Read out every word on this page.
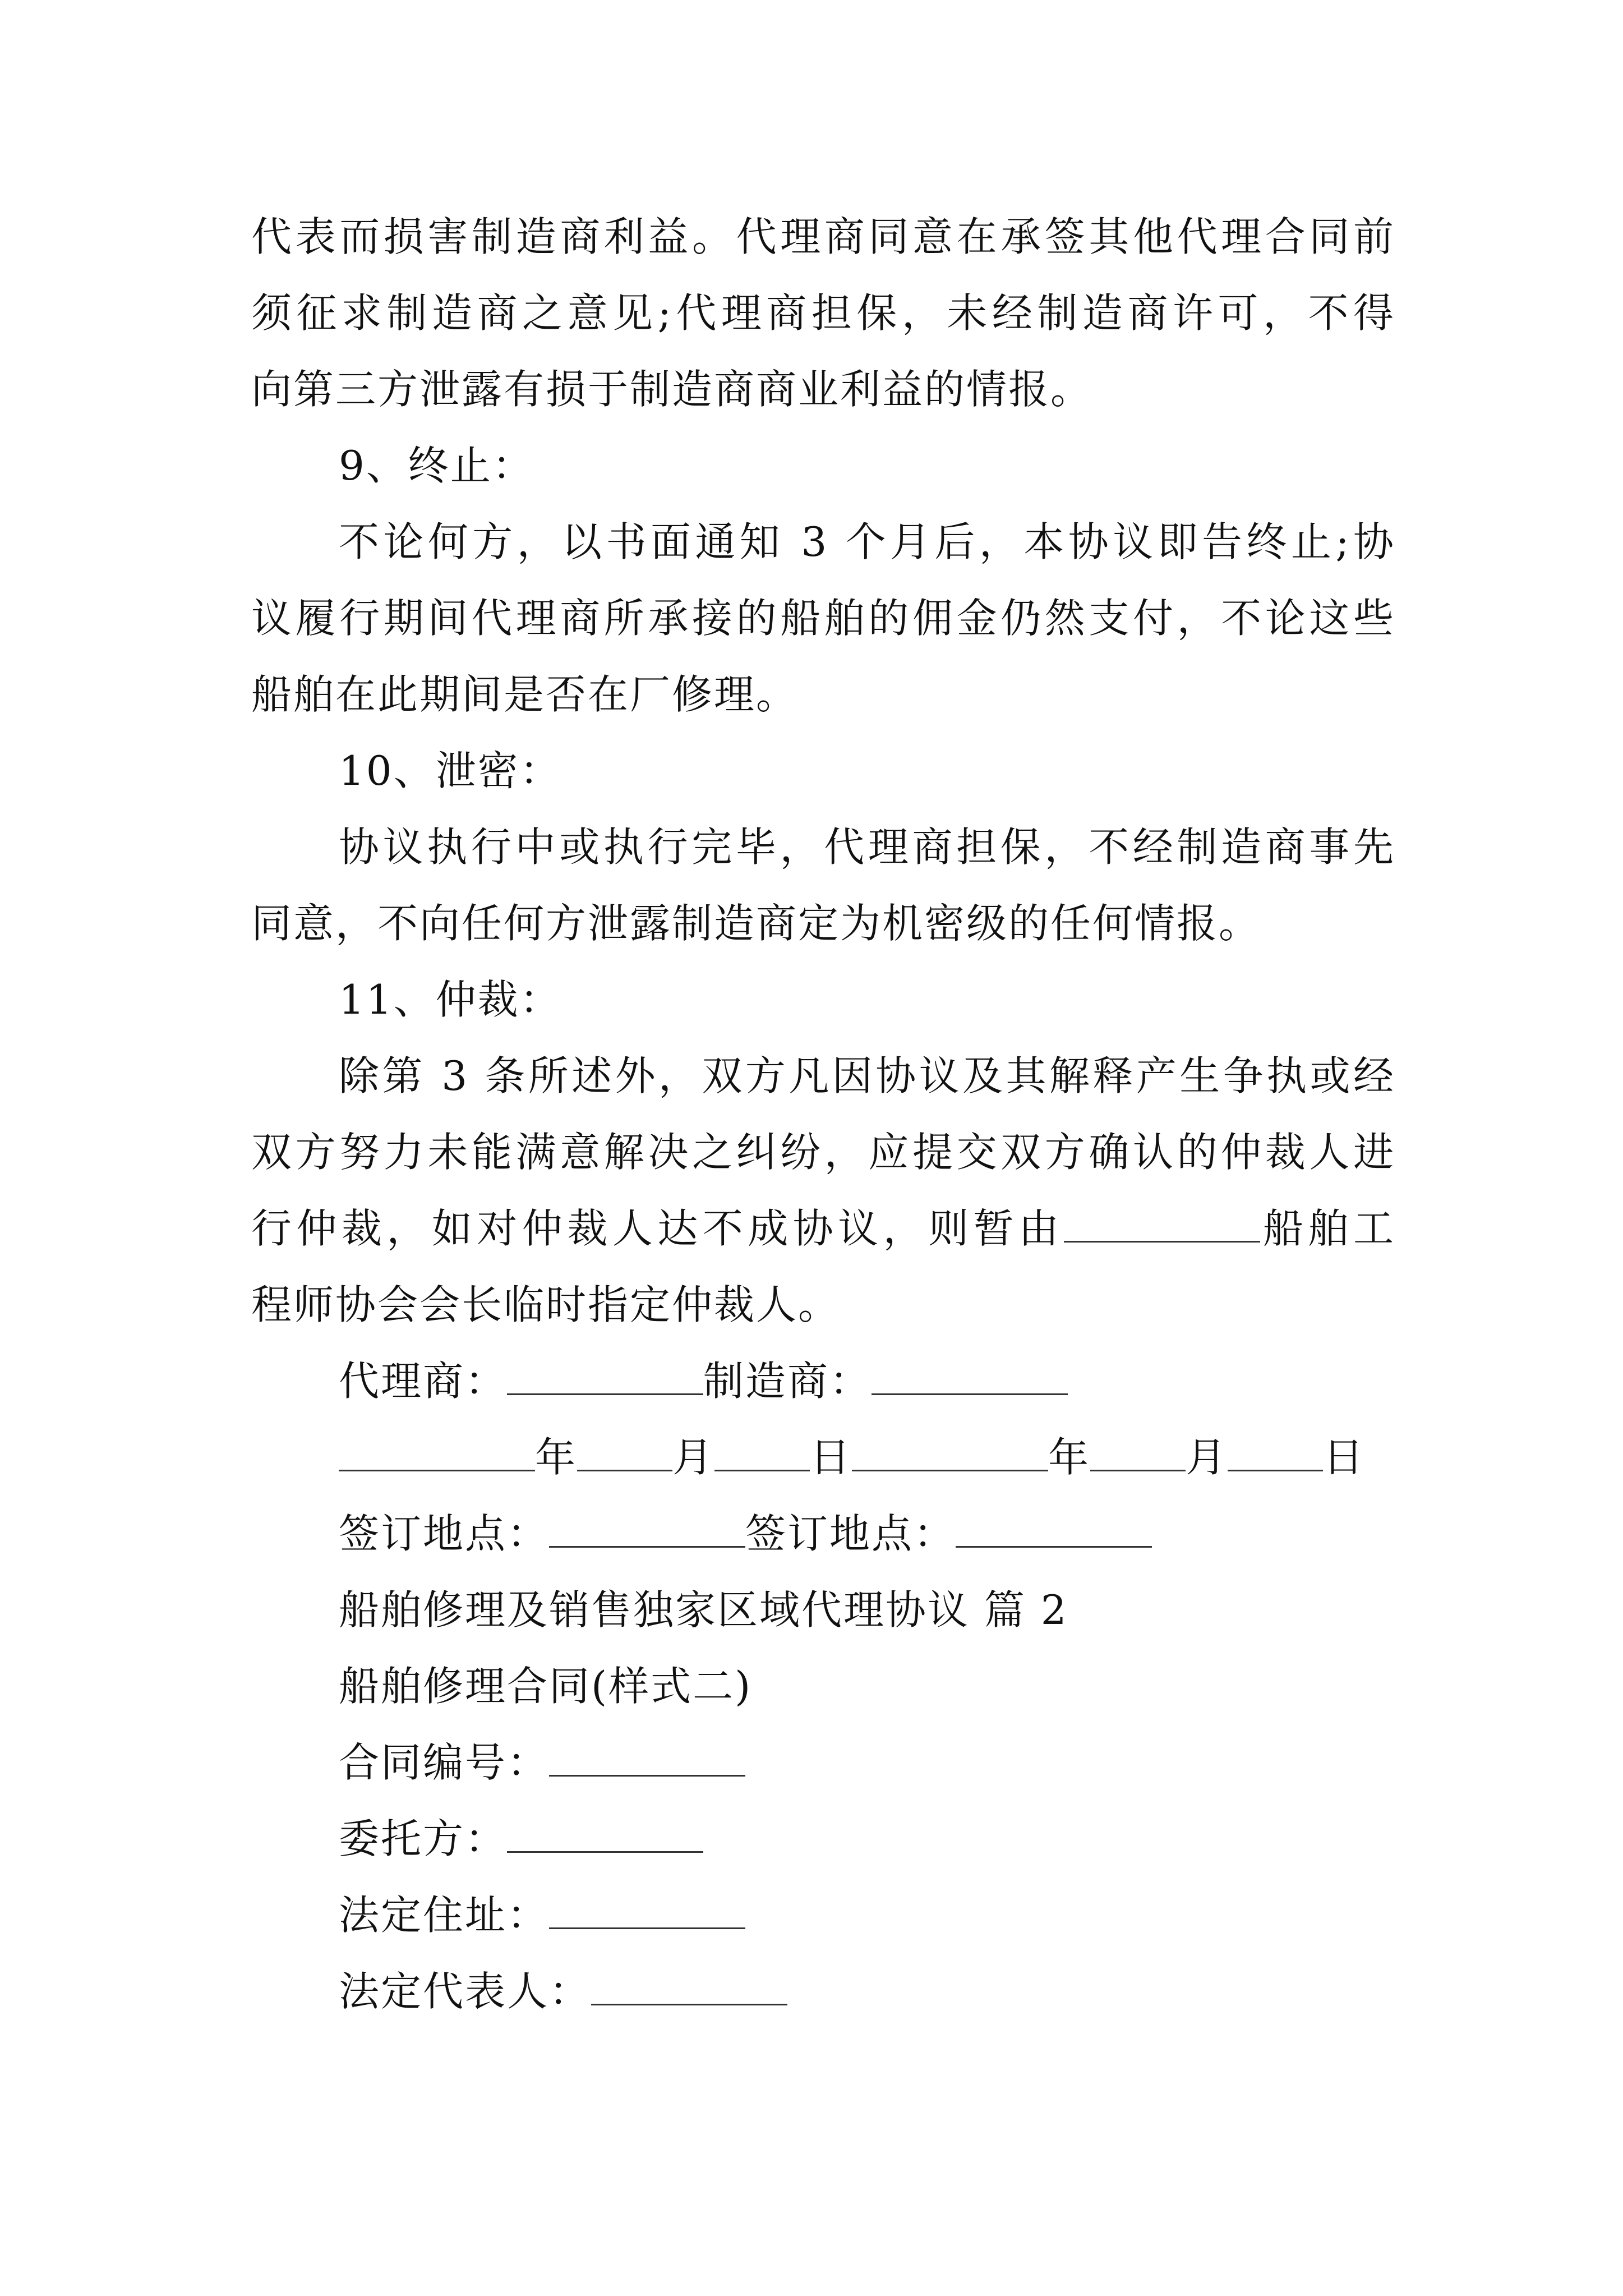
代表而损害制造商利益。代理商同意在承签其他代理合同前
须征求制造商之意见;代理商担保，未经制造商许可，不得
向第三方泄露有损于制造商商业利益的情报。
9、终止：
不论何方，以书面通知 3 个月后，本协议即告终止;协
议履行期间代理商所承接的船舶的佣金仍然支付，不论这些
船舶在此期间是否在厂修理。
10、泄密：
协议执行中或执行完毕，代理商担保，不经制造商事先
同意，不向任何方泄露制造商定为机密级的任何情报。
11、仲裁：
除第 3 条所述外，双方凡因协议及其解释产生争执或经
双方努力未能满意解决之纠纷，应提交双方确认的仲裁人进
行仲裁，如对仲裁人达不成协议，则暂由	船舶工
程师协会会长临时指定仲裁人。
代理商：	制造商：
年 月 日	年 月 日
签订地点：	签订地点：
船舶修理及销售独家区域代理协议 篇 2
船舶修理合同(样式二)
合同编号：
委托方：
法定住址：
法定代表人：
